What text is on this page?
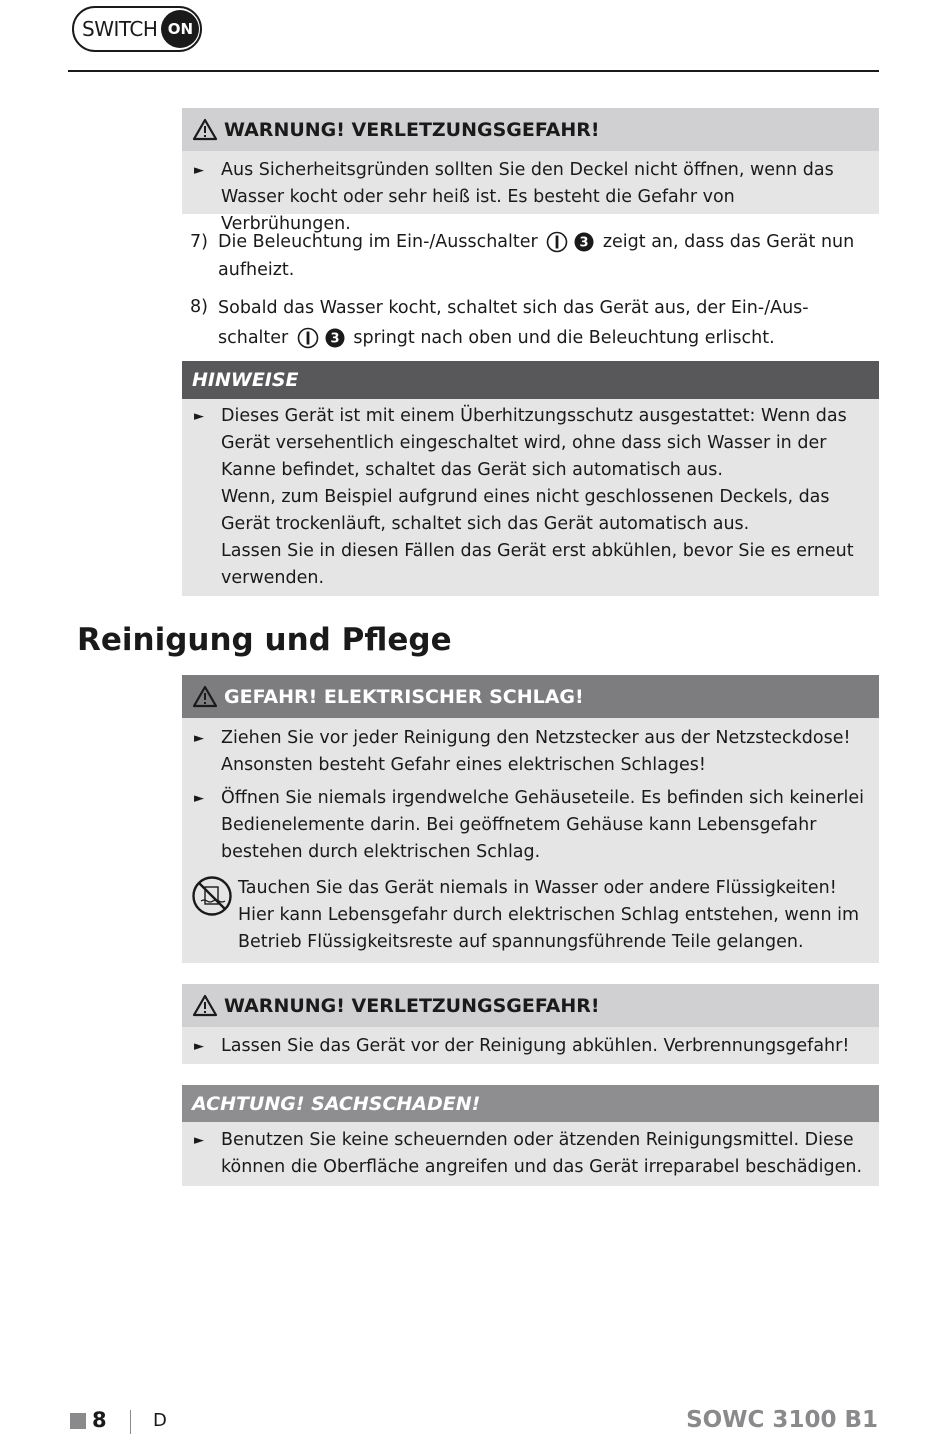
SWITCH ON
WARNUNG! VERLETZUNGSGEFAHR!
► Aus Sicherheitsgründen sollten Sie den Deckel nicht öffnen, wenn das Wasser kocht oder sehr heiß ist. Es besteht die Gefahr von Verbrühungen.
7) Die Beleuchtung im Ein-/Ausschalter	3 zeigt an, dass das Gerät nun aufheizt.
8) Sobald das Wasser kocht, schaltet sich das Gerät aus, der Ein-/Aus-schalter	3 springt nach oben und die Beleuchtung erlischt.
HINWEISE
► Dieses Gerät ist mit einem Überhitzungsschutz ausgestattet: Wenn das Gerät versehentlich eingeschaltet wird, ohne dass sich Wasser in der Kanne befindet, schaltet das Gerät sich automatisch aus.
Wenn, zum Beispiel aufgrund eines nicht geschlossenen Deckels, das Gerät trockenläuft, schaltet sich das Gerät automatisch aus.
Lassen Sie in diesen Fällen das Gerät erst abkühlen, bevor Sie es erneut verwenden.
Reinigung und Pflege
GEFAHR! ELEKTRISCHER SCHLAG!
► Ziehen Sie vor jeder Reinigung den Netzstecker aus der Netzsteckdose! Ansonsten besteht Gefahr eines elektrischen Schlages!
► Öffnen Sie niemals irgendwelche Gehäuseteile. Es befinden sich keinerlei Bedienelemente darin. Bei geöffnetem Gehäuse kann Lebensgefahr bestehen durch elektrischen Schlag.
Tauchen Sie das Gerät niemals in Wasser oder andere Flüssigkeiten! Hier kann Lebensgefahr durch elektrischen Schlag entstehen, wenn im Betrieb Flüssigkeitsreste auf spannungsführende Teile gelangen.
WARNUNG! VERLETZUNGSGEFAHR!
► Lassen Sie das Gerät vor der Reinigung abkühlen. Verbrennungsgefahr!
ACHTUNG! SACHSCHADEN!
► Benutzen Sie keine scheuernden oder ätzenden Reinigungsmittel. Diese können die Oberfläche angreifen und das Gerät irreparabel beschädigen.
8	D	SOWC 3100 B1
